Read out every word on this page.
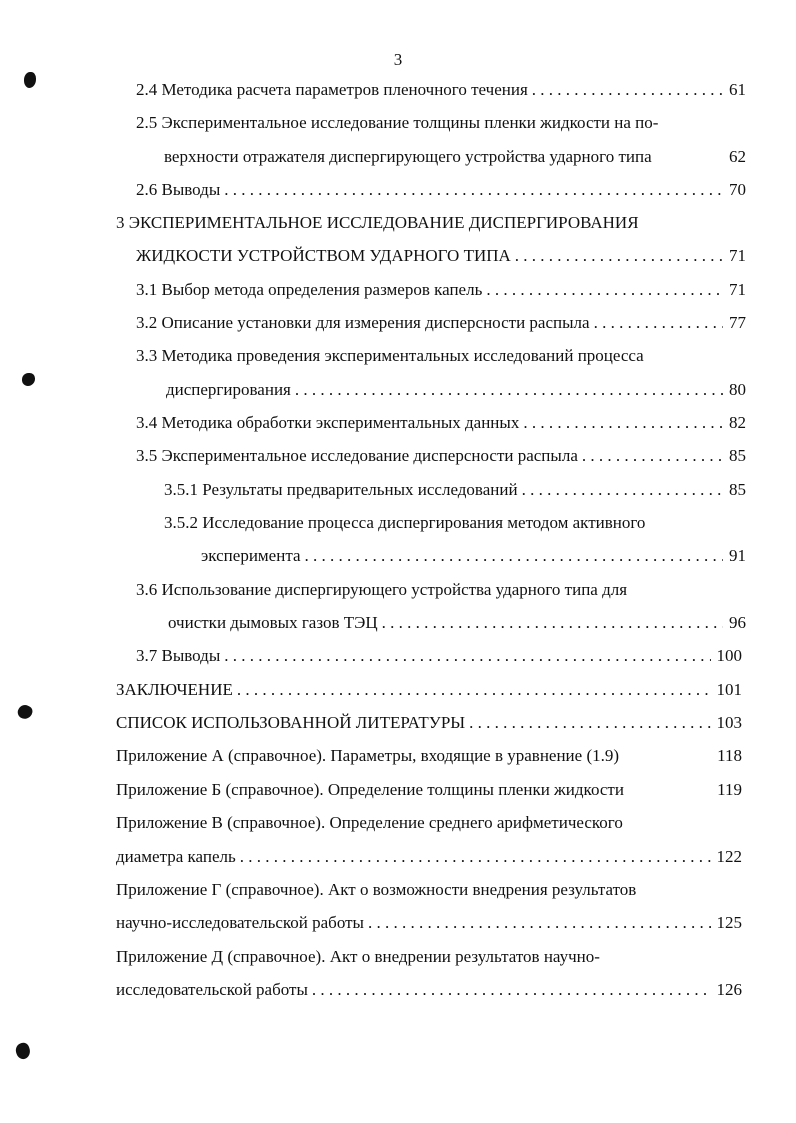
3
2.4 Методика расчета параметров пленочного течения . . .	61
2.5 Экспериментальное исследование толщины пленки жидкости на по-
верхности отражателя диспергирующего устройства ударного типа	62
2.6 Выводы . . .	70
3 ЭКСПЕРИМЕНТАЛЬНОЕ ИССЛЕДОВАНИЕ ДИСПЕРГИРОВАНИЯ
ЖИДКОСТИ УСТРОЙСТВОМ УДАРНОГО ТИПА . . .	71
3.1 Выбор метода определения размеров капель . . .	71
3.2 Описание установки для измерения дисперсности распыла . . .	77
3.3 Методика проведения экспериментальных исследований процесса
диспергирования . . .	80
3.4 Методика обработки экспериментальных данных . . .	82
3.5 Экспериментальное исследование дисперсности распыла . . .	85
3.5.1 Результаты предварительных исследований . . .	85
3.5.2 Исследование процесса диспергирования методом активного
эксперимента . . .	91
3.6 Использование диспергирующего устройства ударного типа для
очистки дымовых газов ТЭЦ . . .	96
3.7 Выводы . . .	100
ЗАКЛЮЧЕНИЕ . . .	101
СПИСОК ИСПОЛЬЗОВАННОЙ ЛИТЕРАТУРЫ . . .	103
Приложение А (справочное). Параметры, входящие в уравнение (1.9)	118
Приложение Б (справочное). Определение толщины пленки жидкости	119
Приложение В (справочное). Определение среднего арифметического
диаметра капель . . .	122
Приложение Г (справочное). Акт о возможности внедрения результатов
научно-исследовательской работы . . .	125
Приложение Д (справочное). Акт о внедрении результатов научно-
исследовательской работы . . .	126
